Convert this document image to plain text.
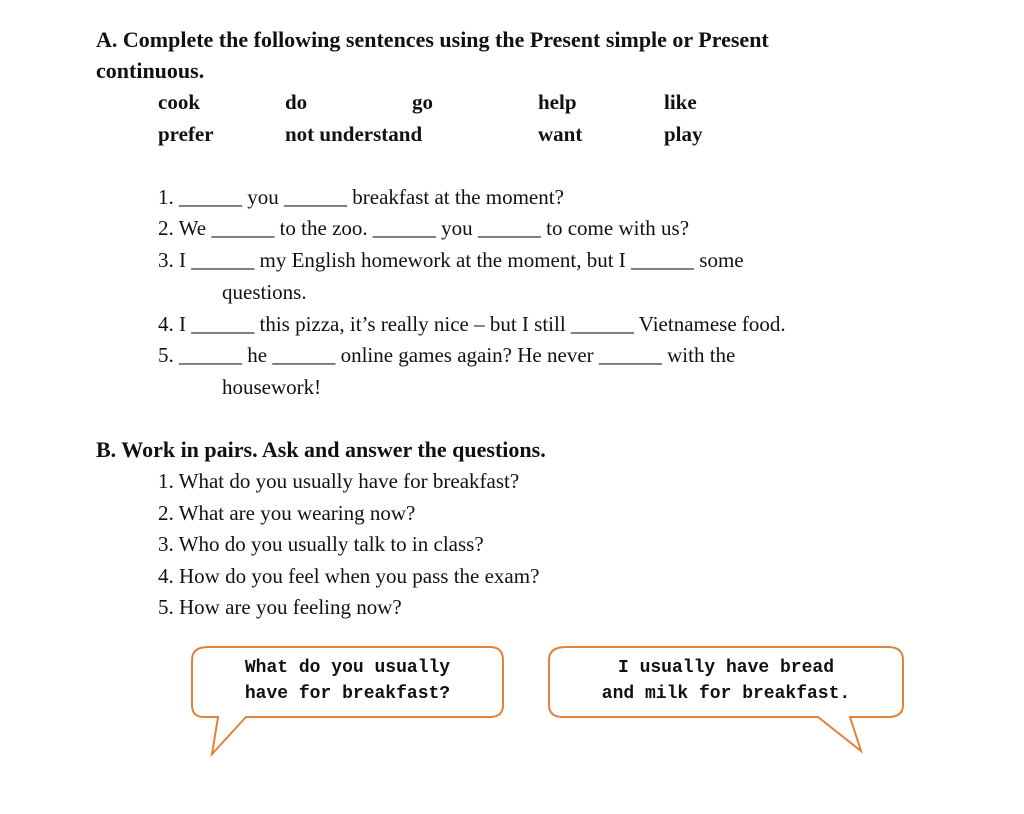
A. Complete the following sentences using the Present simple or Present
continuous.
cook	do	go	help	like
prefer	not understand	want	play
1. ______ you ______ breakfast at the moment?
2. We ______ to the zoo. ______ you ______ to come with us?
3. I ______ my English homework at the moment, but I ______ some
questions.
4. I ______ this pizza, it’s really nice – but I still ______ Vietnamese food.
5. ______ he ______ online games again? He never ______ with the
housework!
B. Work in pairs. Ask and answer the questions.
1. What do you usually have for breakfast?
2. What are you wearing now?
3. Who do you usually talk to in class?
4. How do you feel when you pass the exam?
5. How are you feeling now?
What do you usually
have for breakfast?
I usually have bread
and milk for breakfast.
